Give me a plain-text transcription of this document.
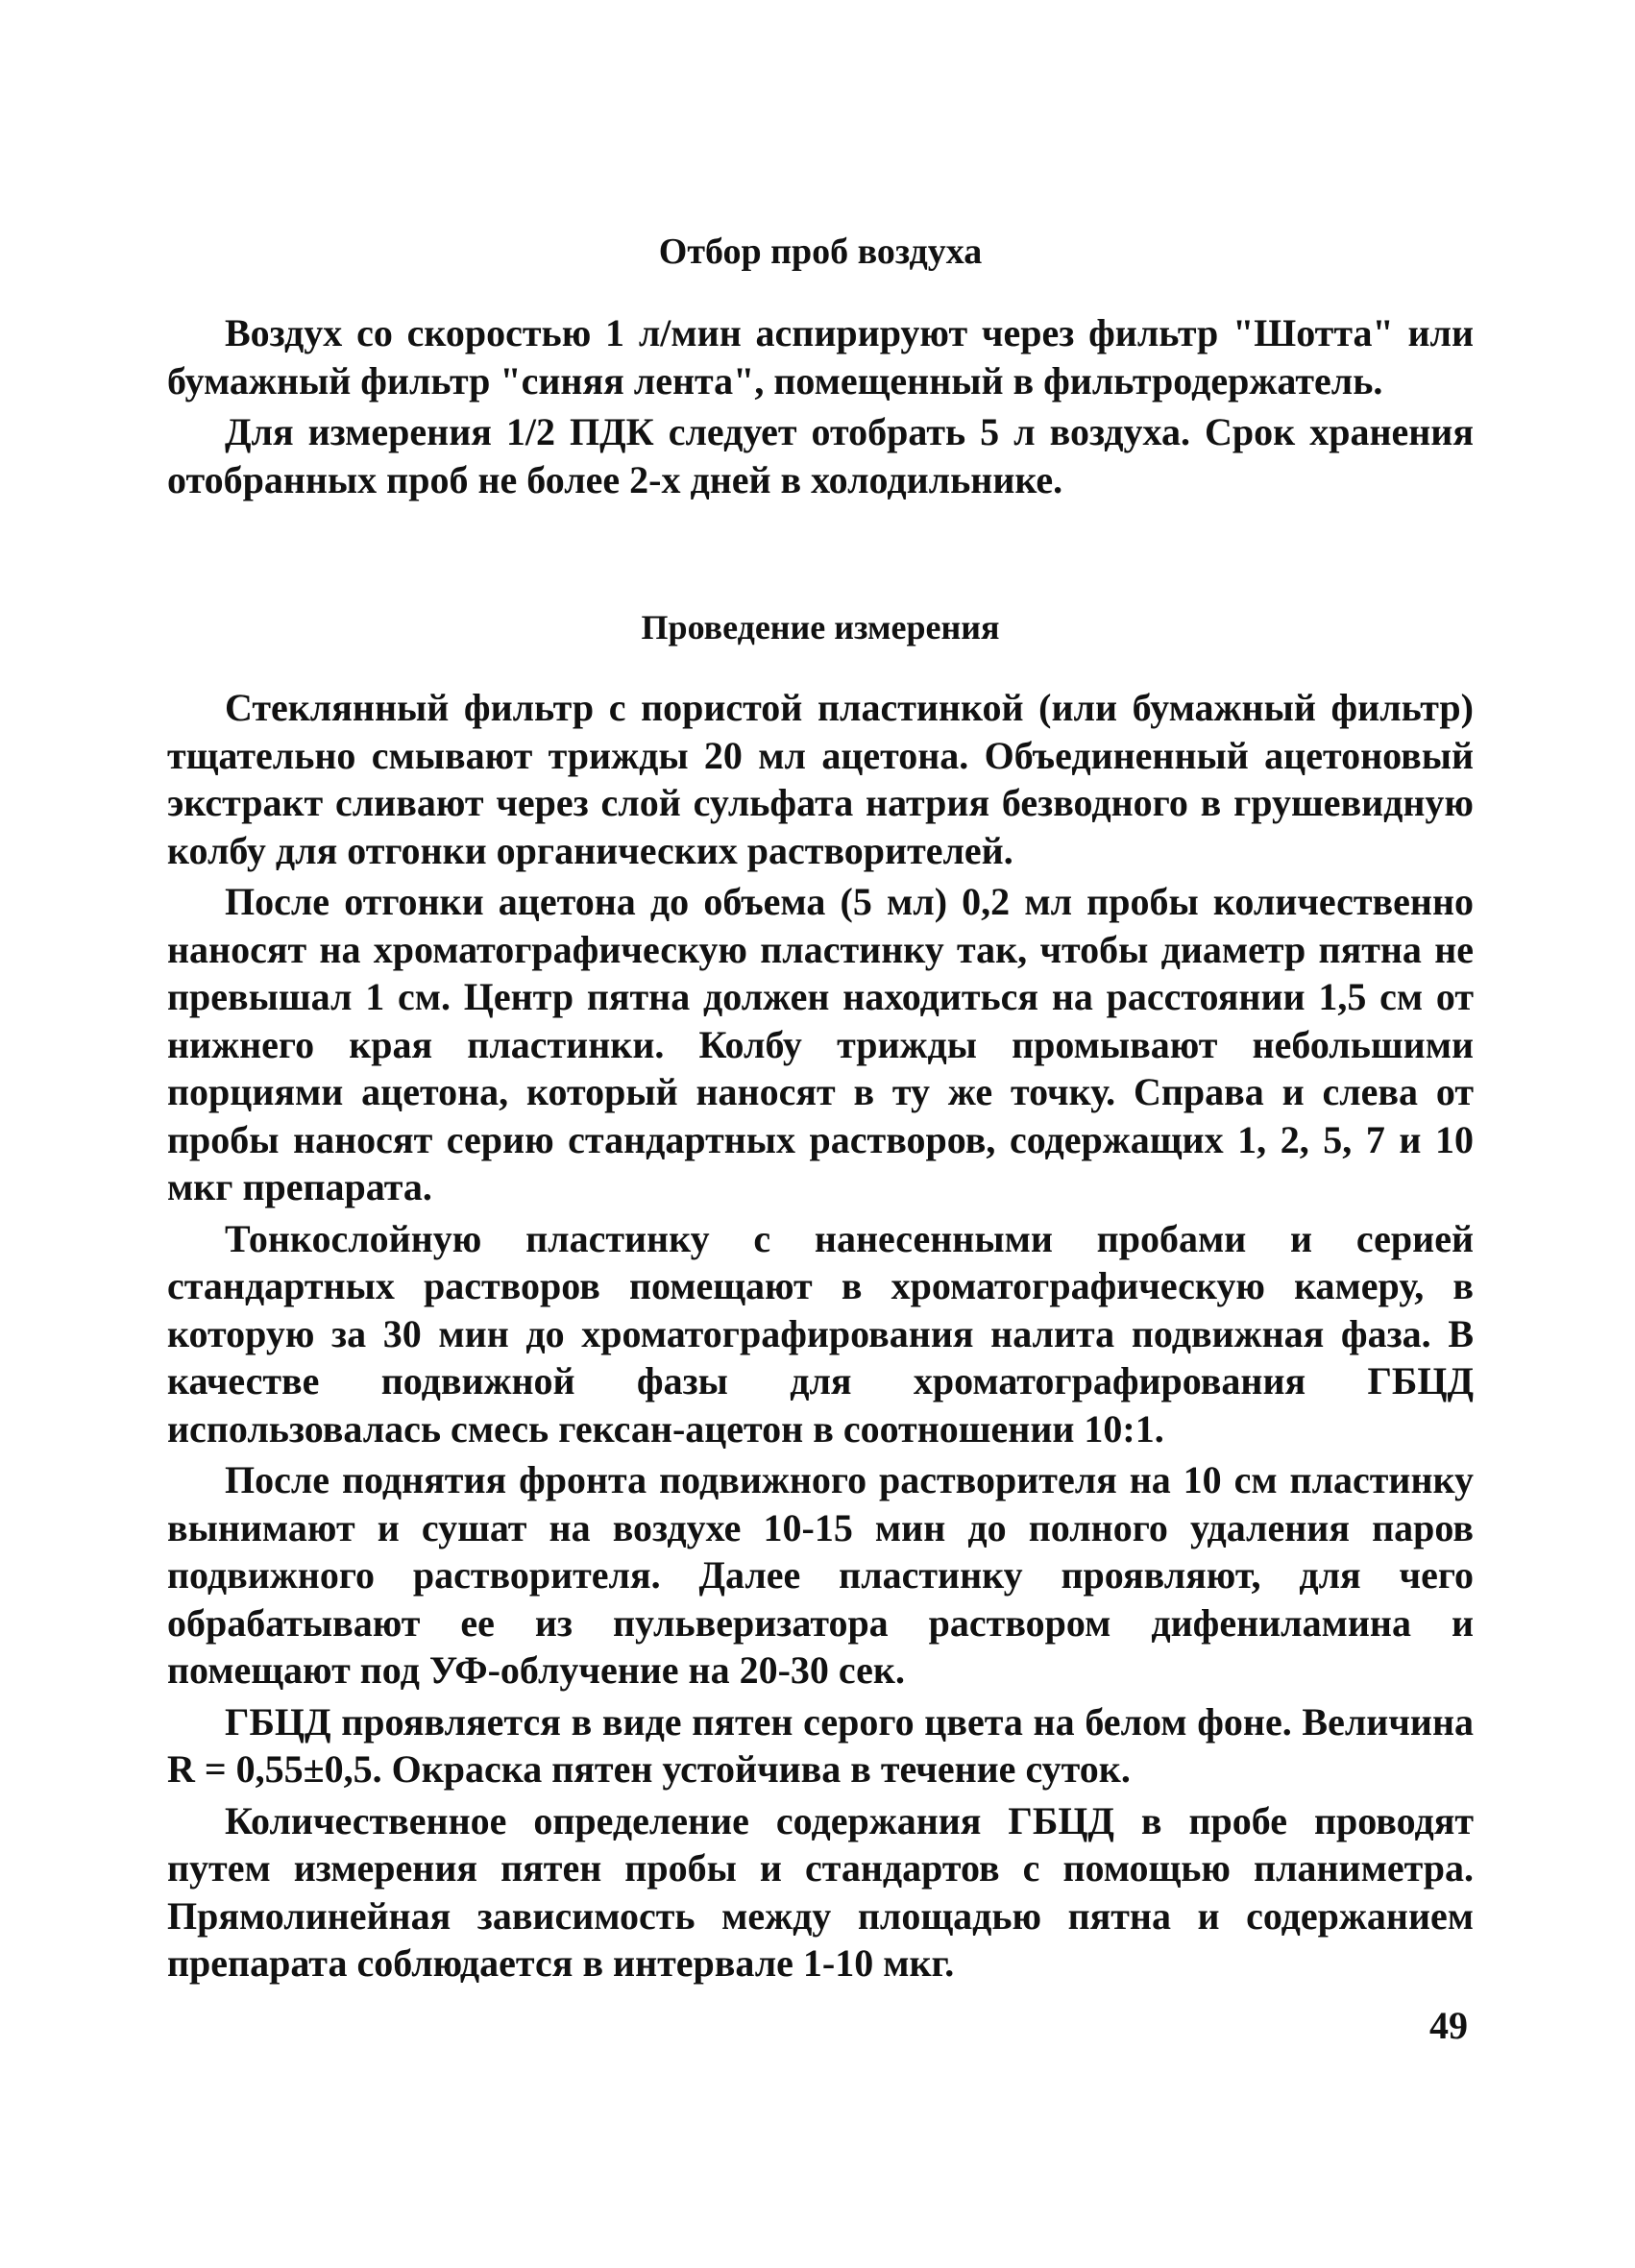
Отбор проб воздуха

Воздух со скоростью 1 л/мин аспирируют через фильтр "Шотта" или бумажный фильтр "синяя лента", помещенный в фильтродержатель.

Для измерения 1/2 ПДК следует отобрать 5 л воздуха. Срок хранения отобранных проб не более 2-х дней в холодильнике.

Проведение измерения

Стеклянный фильтр с пористой пластинкой (или бумажный фильтр) тщательно смывают трижды 20 мл ацетона. Объединенный ацетоновый экстракт сливают через слой сульфата натрия безводного в грушевидную колбу для отгонки органических растворителей.

После отгонки ацетона до объема (5 мл) 0,2 мл пробы количественно наносят на хроматографическую пластинку так, чтобы диаметр пятна не превышал 1 см. Центр пятна должен находиться на расстоянии 1,5 см от нижнего края пластинки. Колбу трижды промывают небольшими порциями ацетона, который наносят в ту же точку. Справа и слева от пробы наносят серию стандартных растворов, содержащих 1, 2, 5, 7 и 10 мкг препарата.

Тонкослойную пластинку с нанесенными пробами и серией стандартных растворов помещают в хроматографическую камеру, в которую за 30 мин до хроматографирования налита подвижная фаза. В качестве подвижной фазы для хроматографирования ГБЦД использовалась смесь гексан-ацетон в соотношении 10:1.

После поднятия фронта подвижного растворителя на 10 см пластинку вынимают и сушат на воздухе 10-15 мин до полного удаления паров подвижного растворителя. Далее пластинку проявляют, для чего обрабатывают ее из пульверизатора раствором дифениламина и помещают под УФ-облучение на 20-30 сек.

ГБЦД проявляется в виде пятен серого цвета на белом фоне. Величина R = 0,55±0,5. Окраска пятен устойчива в течение суток.

Количественное определение содержания ГБЦД в пробе проводят путем измерения пятен пробы и стандартов с помощью планиметра. Прямолинейная зависимость между площадью пятна и содержанием препарата соблюдается в интервале 1-10 мкг.

49
